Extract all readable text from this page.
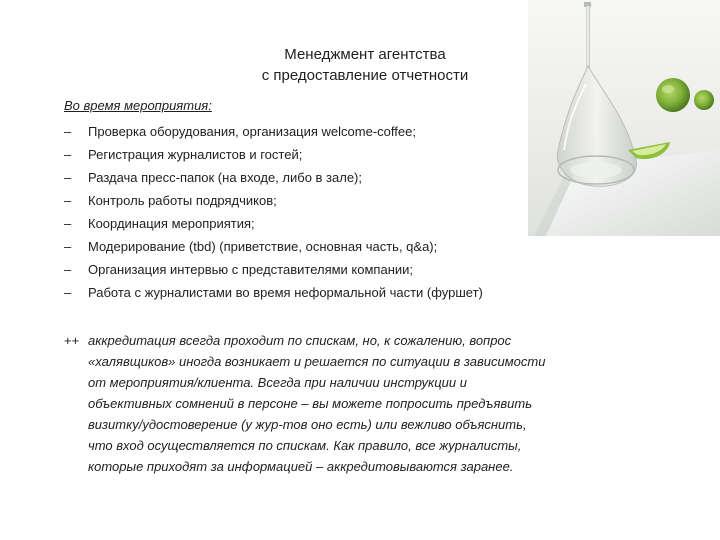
Менеджмент агентства
с предоставление отчетности
Во время мероприятия:
– Проверка оборудования, организация welcome-coffee;
– Регистрация журналистов и гостей;
– Раздача пресс-папок (на входе, либо в зале);
– Контроль работы подрядчиков;
– Координация мероприятия;
– Модерирование (tbd) (приветствие, основная часть, q&a);
– Организация интервью с представителями компании;
– Работа с журналистами во время неформальной части (фуршет)
++ аккредитация всегда проходит по спискам, но, к сожалению, вопрос «халявщиков» иногда возникает и решается по ситуации в зависимости от мероприятия/клиента. Всегда при наличии инструкции и объективных сомнений в персоне – вы можете попросить предъявить визитку/удостоверение (у жур-тов оно есть) или вежливо объяснить, что вход осуществляется по спискам. Как правило, все журналисты, которые приходят за информацией – аккредитовываются заранее.
